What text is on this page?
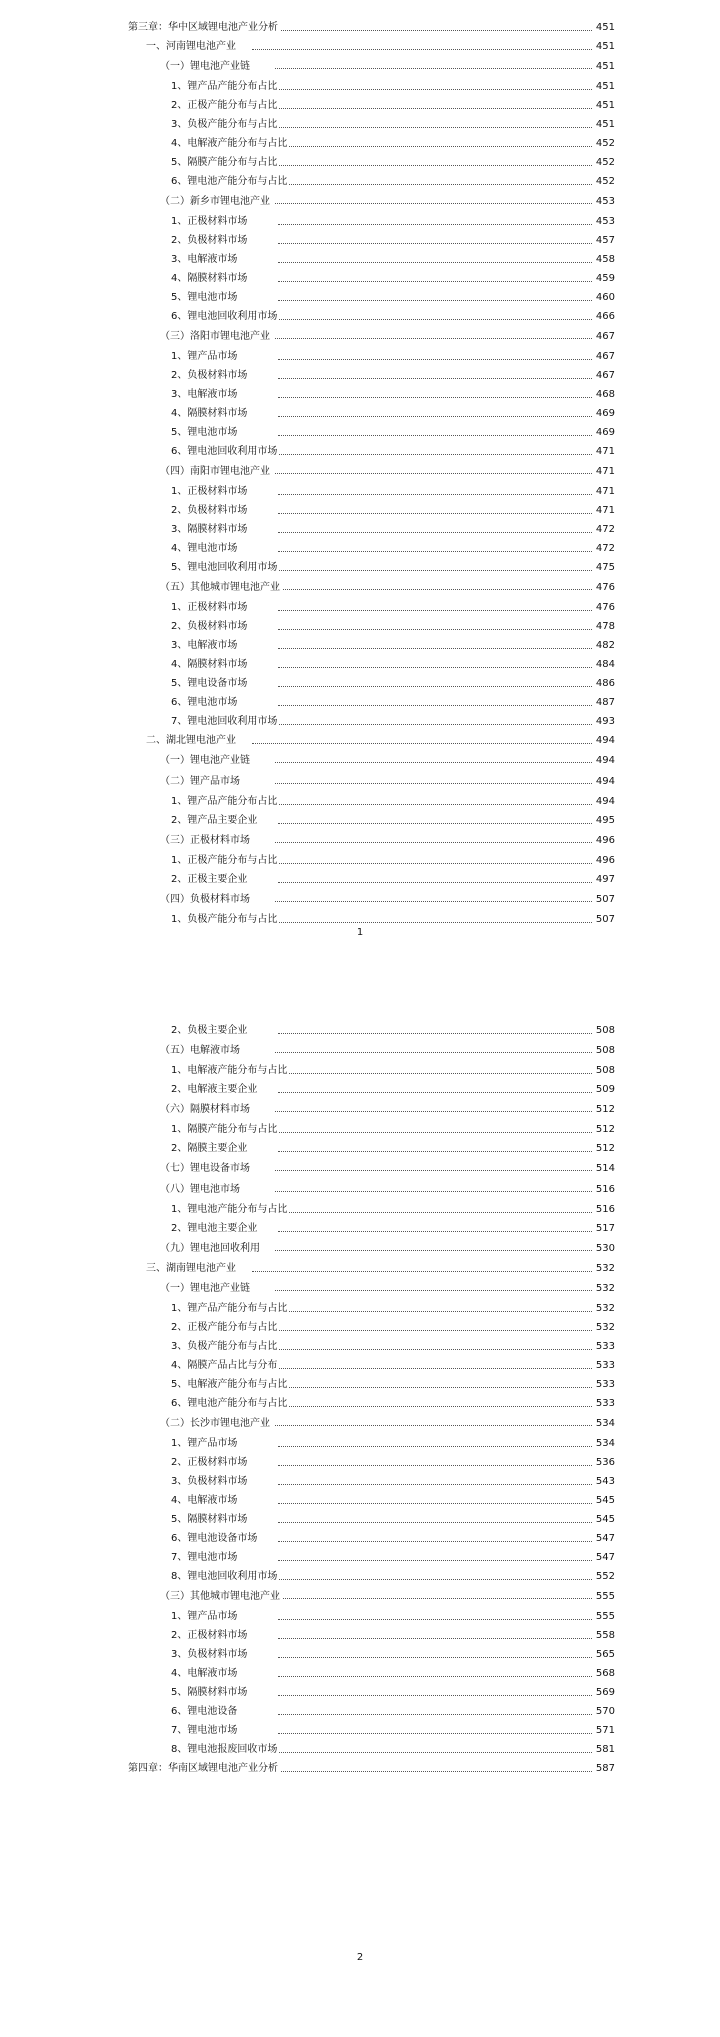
第三章：华中区域锂电池产业分析	451
一、河南锂电池产业	451
（一）锂电池产业链	451
1、锂产品产能分布占比	451
2、正极产能分布与占比	451
3、负极产能分布与占比	451
4、电解液产能分布与占比	452
5、隔膜产能分布与占比	452
6、锂电池产能分布与占比	452
（二）新乡市锂电池产业	453
1、正极材料市场	453
2、负极材料市场	457
3、电解液市场	458
4、隔膜材料市场	459
5、锂电池市场	460
6、锂电池回收利用市场	466
（三）洛阳市锂电池产业	467
1、锂产品市场	467
2、负极材料市场	467
3、电解液市场	468
4、隔膜材料市场	469
5、锂电池市场	469
6、锂电池回收利用市场	471
（四）南阳市锂电池产业	471
1、正极材料市场	471
2、负极材料市场	471
3、隔膜材料市场	472
4、锂电池市场	472
5、锂电池回收利用市场	475
（五）其他城市锂电池产业	476
1、正极材料市场	476
2、负极材料市场	478
3、电解液市场	482
4、隔膜材料市场	484
5、锂电设备市场	486
6、锂电池市场	487
7、锂电池回收利用市场	493
二、湖北锂电池产业	494
（一）锂电池产业链	494
（二）锂产品市场	494
1、锂产品产能分布占比	494
2、锂产品主要企业	495
（三）正极材料市场	496
1、正极产能分布与占比	496
2、正极主要企业	497
（四）负极材料市场	507
1、负极产能分布与占比	507
1
2、负极主要企业	508
（五）电解液市场	508
1、电解液产能分布与占比	508
2、电解液主要企业	509
（六）隔膜材料市场	512
1、隔膜产能分布与占比	512
2、隔膜主要企业	512
（七）锂电设备市场	514
（八）锂电池市场	516
1、锂电池产能分布与占比	516
2、锂电池主要企业	517
（九）锂电池回收利用	530
三、湖南锂电池产业	532
（一）锂电池产业链	532
1、锂产品产能分布与占比	532
2、正极产能分布与占比	532
3、负极产能分布与占比	533
4、隔膜产品占比与分布	533
5、电解液产能分布与占比	533
6、锂电池产能分布与占比	533
（二）长沙市锂电池产业	534
1、锂产品市场	534
2、正极材料市场	536
3、负极材料市场	543
4、电解液市场	545
5、隔膜材料市场	545
6、锂电池设备市场	547
7、锂电池市场	547
8、锂电池回收利用市场	552
（三）其他城市锂电池产业	555
1、锂产品市场	555
2、正极材料市场	558
3、负极材料市场	565
4、电解液市场	568
5、隔膜材料市场	569
6、锂电池设备	570
7、锂电池市场	571
8、锂电池报废回收市场	581
第四章：华南区域锂电池产业分析	587
2
